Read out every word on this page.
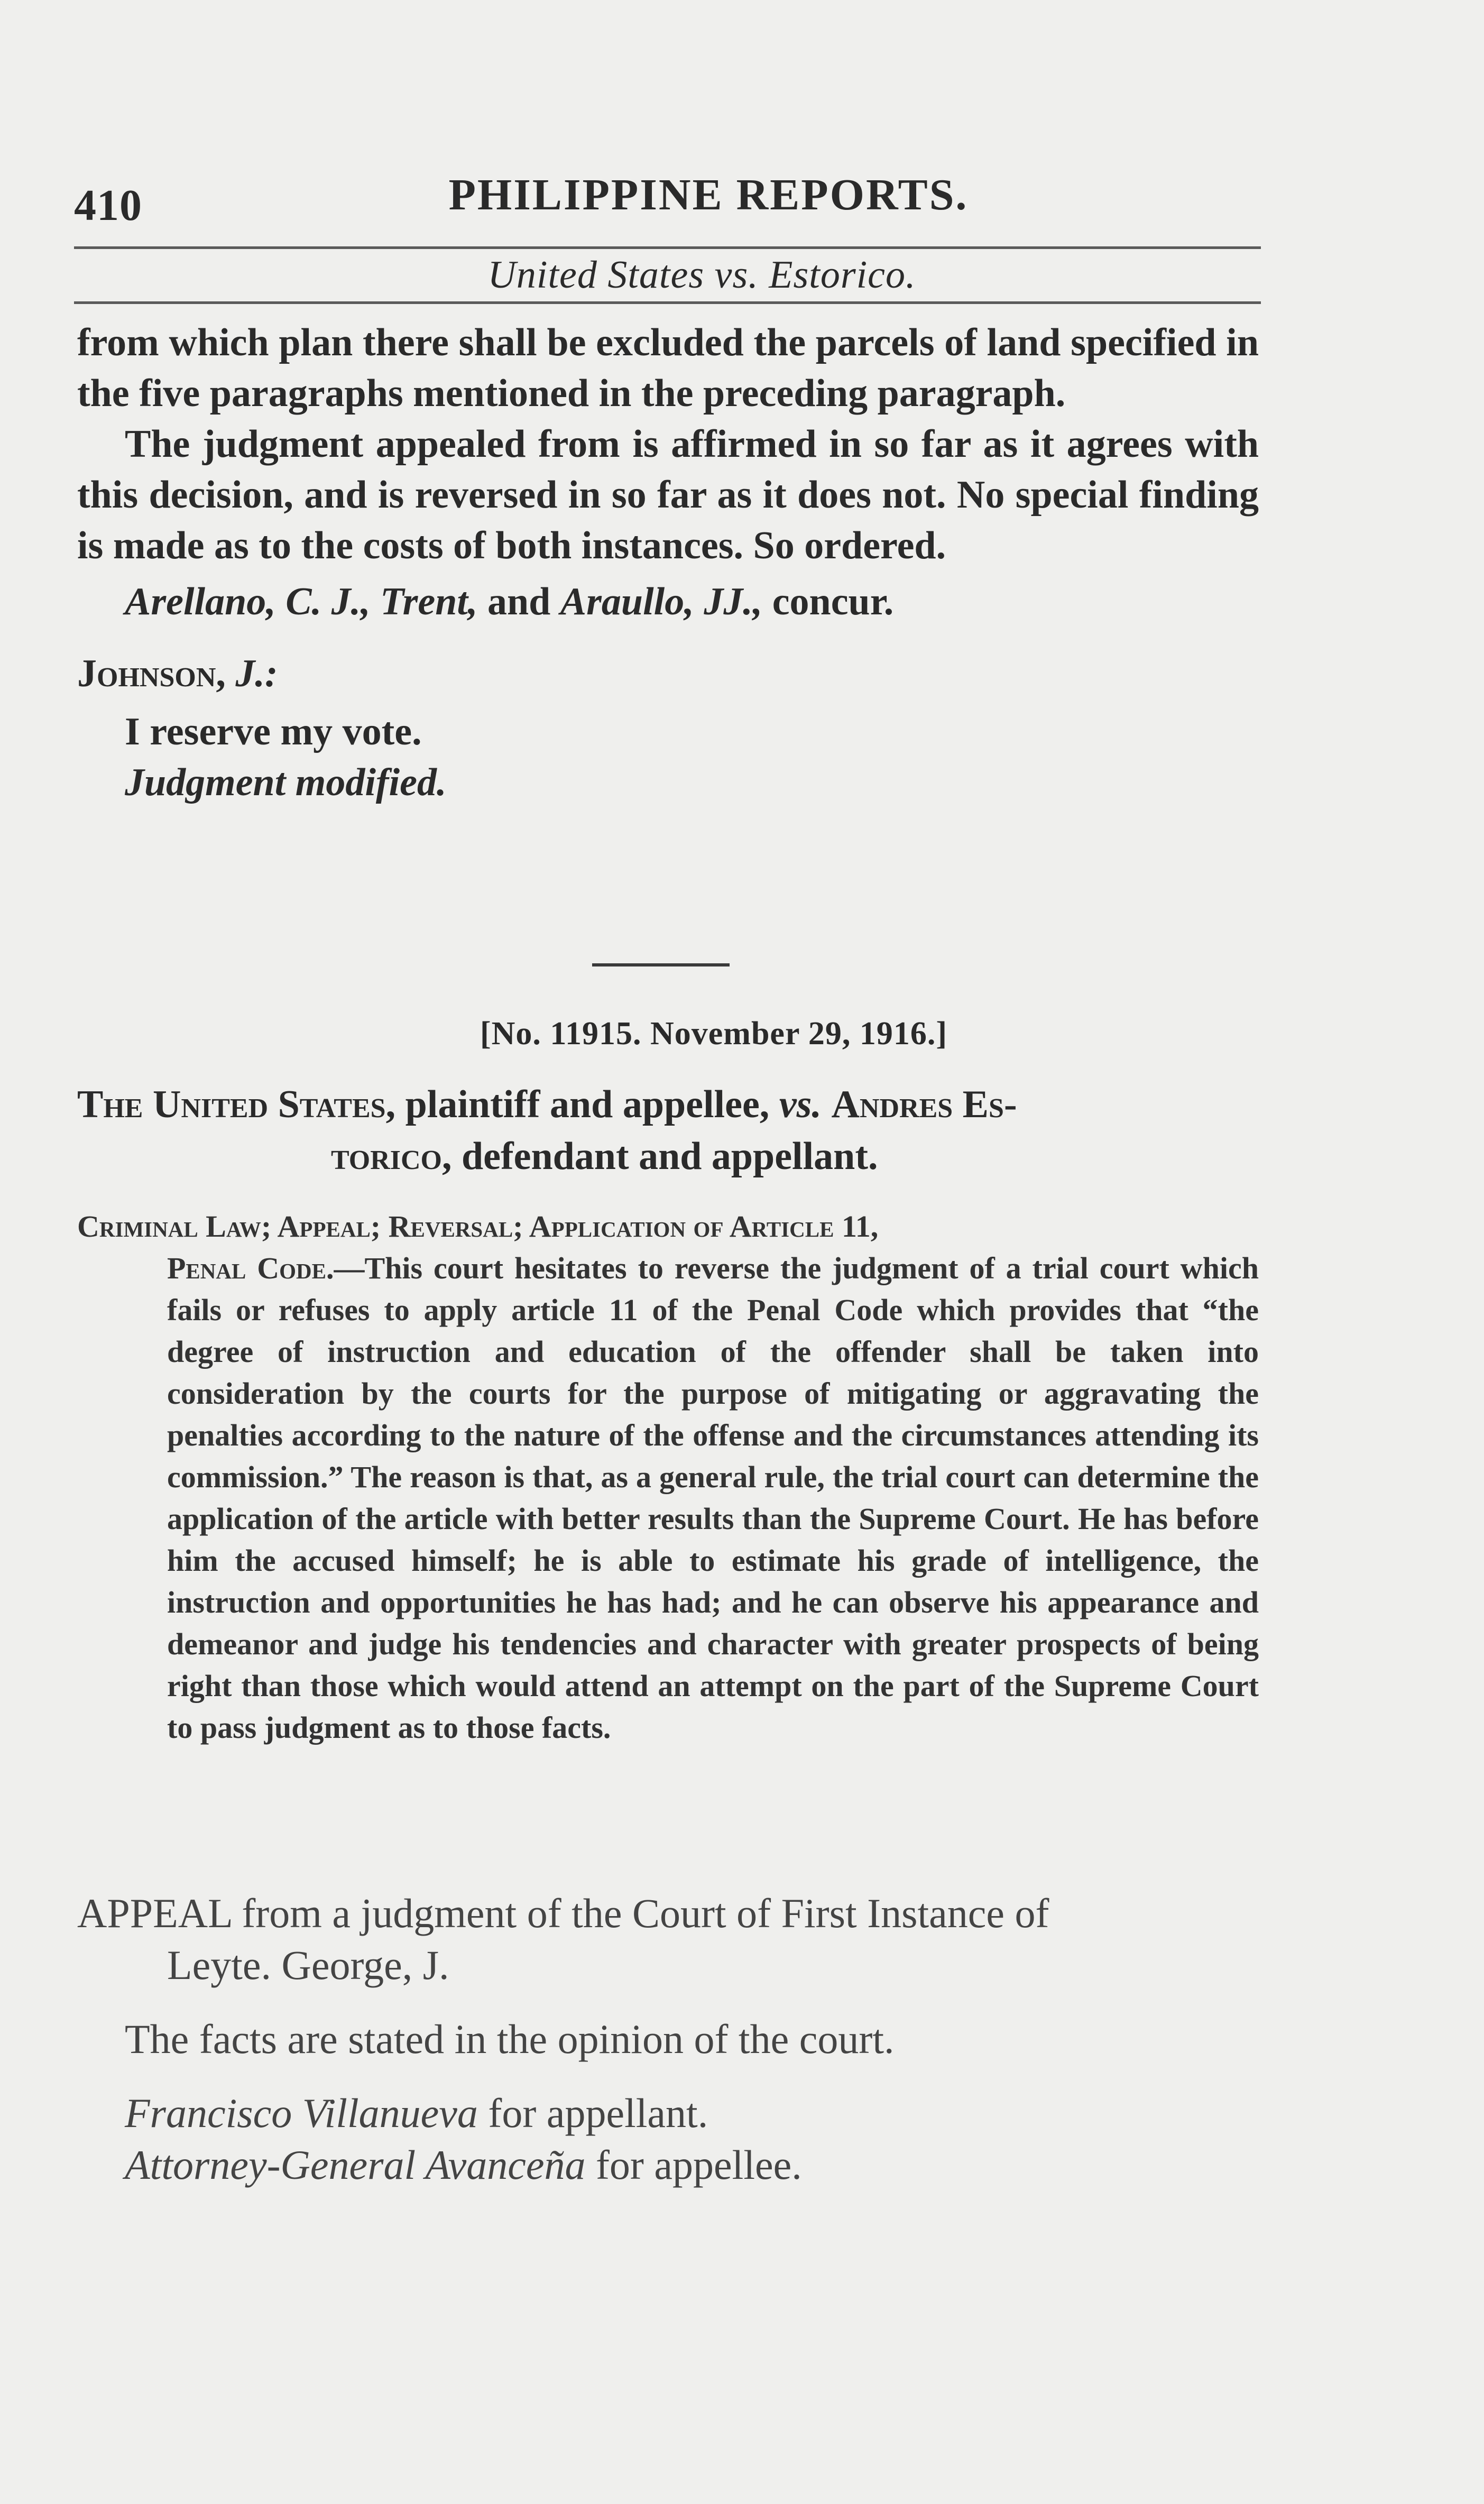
410	PHILIPPINE REPORTS.
United States vs. Estorico.

from which plan there shall be excluded the parcels of land specified in the five paragraphs mentioned in the preceding paragraph.

The judgment appealed from is affirmed in so far as it agrees with this decision, and is reversed in so far as it does not. No special finding is made as to the costs of both instances. So ordered.

Arellano, C. J., Trent, and Araullo, JJ., concur.

Johnson, J.:

I reserve my vote.

Judgment modified.

[No. 11915. November 29, 1916.]
The United States, plaintiff and appellee, vs. Andres Es-
torico, defendant and appellant.

Criminal Law; Appeal; Reversal; Application of Article 11,

Penal Code.—This court hesitates to reverse the judgment of a trial court which fails or refuses to apply article 11 of the Penal Code which provides that “the degree of instruction and education of the offender shall be taken into consideration by the courts for the purpose of mitigating or aggravating the penalties according to the nature of the offense and the circumstances attending its commission.” The reason is that, as a general rule, the trial court can determine the application of the article with better results than the Supreme Court. He has before him the accused himself; he is able to estimate his grade of intelligence, the instruction and opportunities he has had; and he can observe his appearance and demeanor and judge his tendencies and character with greater prospects of being right than those which would attend an attempt on the part of the Supreme Court to pass judgment as to those facts.

APPEAL from a judgment of the Court of First Instance of

Leyte. George, J.

The facts are stated in the opinion of the court.

Francisco Villanueva for appellant.

Attorney-General Avanceña for appellee.
